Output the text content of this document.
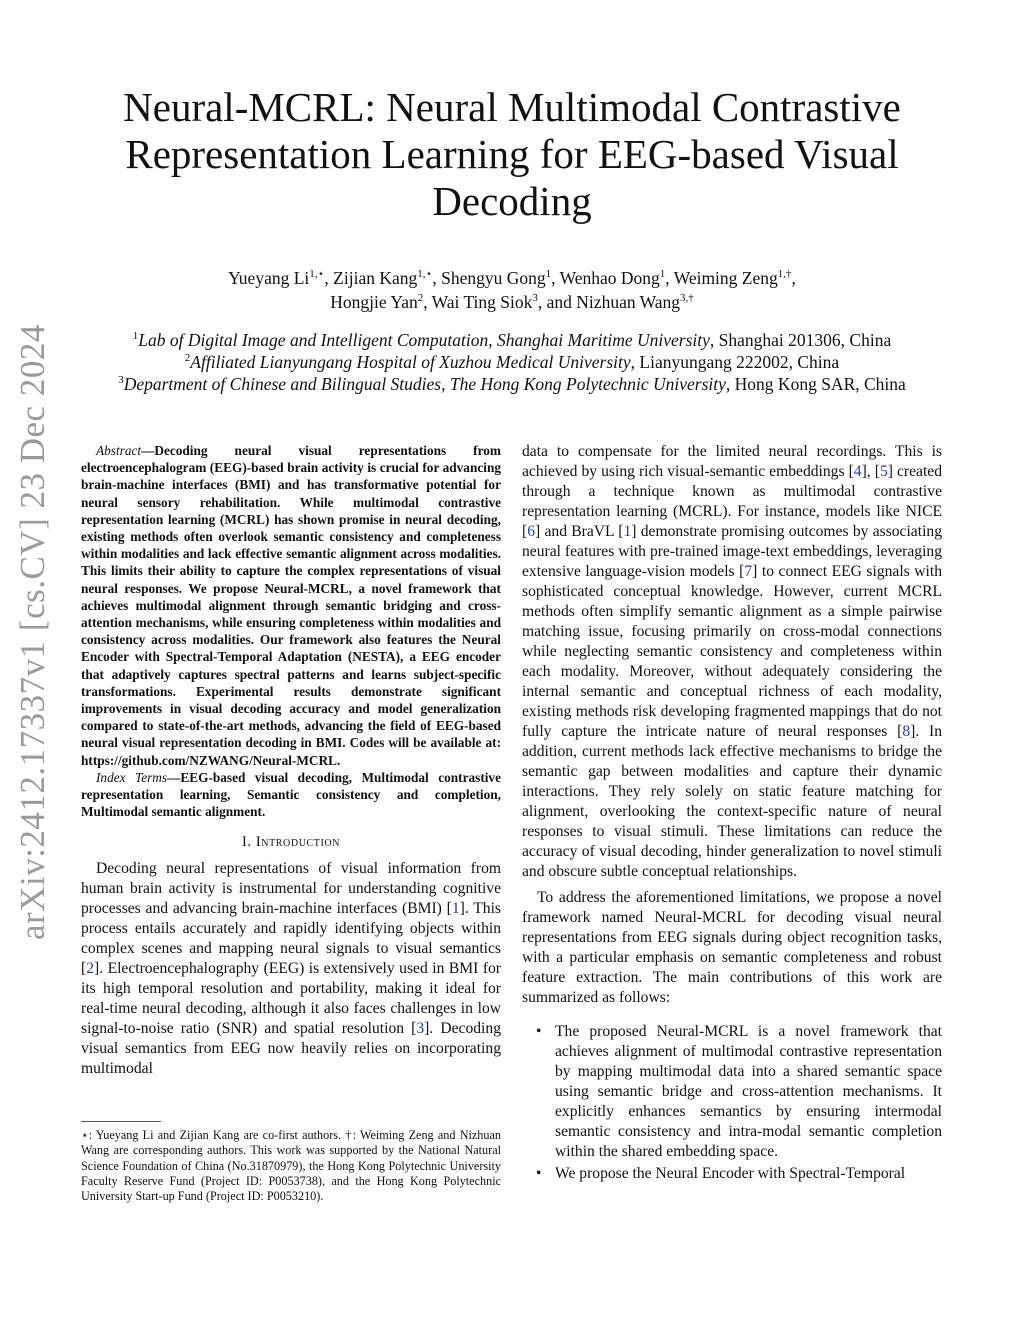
arXiv:2412.17337v1 [cs.CV] 23 Dec 2024
Neural-MCRL: Neural Multimodal Contrastive Representation Learning for EEG-based Visual Decoding
Yueyang $Li^{1,⋆}$, Zijian Kang$^{1,⋆}$, Shengyu Gong$^1$, Wenhao Dong$^1$, Weiming Zeng$^{1,\dagger}$,
Hongjie Yan$^2$, Wai Ting Siok$^3$, and Nizhuan Wang$^{3,\dagger}$
$^1$Lab of Digital Image and Intelligent Computation, Shanghai Maritime University, Shanghai 201306, China
$^2$Affiliated Lianyungang Hospital of Xuzhou Medical University, Lianyungang 222002, China
$^3$Department of Chinese and Bilingual Studies, The Hong Kong Polytechnic University, Hong Kong SAR, China

Abstract—Decoding neural visual representations from electroencephalogram (EEG)-based brain activity is crucial for advancing brain-machine interfaces (BMI) and has transformative potential for neural sensory rehabilitation. While multimodal contrastive representation learning (MCRL) has shown promise in neural decoding, existing methods often overlook semantic consistency and completeness within modalities and lack effective semantic alignment across modalities. This limits their ability to capture the complex representations of visual neural responses. We propose Neural-MCRL, a novel framework that achieves multimodal alignment through semantic bridging and cross-attention mechanisms, while ensuring completeness within modalities and consistency across modalities. Our framework also features the Neural Encoder with Spectral-Temporal Adaptation (NESTA), a EEG encoder that adaptively captures spectral patterns and learns subject-specific transformations. Experimental results demonstrate significant improvements in visual decoding accuracy and model generalization compared to state-of-the-art methods, advancing the field of EEG-based neural visual representation decoding in BMI. Codes will be available at: https://github.com/NZWANG/Neural-MCRL.

Index Terms—EEG-based visual decoding, Multimodal contrastive representation learning, Semantic consistency and completion, Multimodal semantic alignment.

I. Introduction

Decoding neural representations of visual information from human brain activity is instrumental for understanding cognitive processes and advancing brain-machine interfaces (BMI) [1]. This process entails accurately and rapidly identifying objects within complex scenes and mapping neural signals to visual semantics [2]. Electroencephalography (EEG) is extensively used in BMI for its high temporal resolution and portability, making it ideal for real-time neural decoding, although it also faces challenges in low signal-to-noise ratio (SNR) and spatial resolution [3]. Decoding visual semantics from EEG now heavily relies on incorporating multimodal

⋆: Yueyang Li and Zijian Kang are co-first authors. †: Weiming Zeng and Nizhuan Wang are corresponding authors. This work was supported by the National Natural Science Foundation of China (No.31870979), the Hong Kong Polytechnic University Faculty Reserve Fund (Project ID: P0053738), and the Hong Kong Polytechnic University Start-up Fund (Project ID: P0053210).

data to compensate for the limited neural recordings. This is achieved by using rich visual-semantic embeddings [4], [5] created through a technique known as multimodal contrastive representation learning (MCRL). For instance, models like NICE [6] and BraVL [1] demonstrate promising outcomes by associating neural features with pre-trained image-text embeddings, leveraging extensive language-vision models [7] to connect EEG signals with sophisticated conceptual knowledge. However, current MCRL methods often simplify semantic alignment as a simple pairwise matching issue, focusing primarily on cross-modal connections while neglecting semantic consistency and completeness within each modality. Moreover, without adequately considering the internal semantic and conceptual richness of each modality, existing methods risk developing fragmented mappings that do not fully capture the intricate nature of neural responses [8]. In addition, current methods lack effective mechanisms to bridge the semantic gap between modalities and capture their dynamic interactions. They rely solely on static feature matching for alignment, overlooking the context-specific nature of neural responses to visual stimuli. These limitations can reduce the accuracy of visual decoding, hinder generalization to novel stimuli and obscure subtle conceptual relationships.

To address the aforementioned limitations, we propose a novel framework named Neural-MCRL for decoding visual neural representations from EEG signals during object recognition tasks, with a particular emphasis on semantic completeness and robust feature extraction. The main contributions of this work are summarized as follows:

• The proposed Neural-MCRL is a novel framework that achieves alignment of multimodal contrastive representation by mapping multimodal data into a shared semantic space using semantic bridge and cross-attention mechanisms. It explicitly enhances semantics by ensuring intermodal semantic consistency and intra-modal semantic completion within the shared embedding space.
• We propose the Neural Encoder with Spectral-Temporal
